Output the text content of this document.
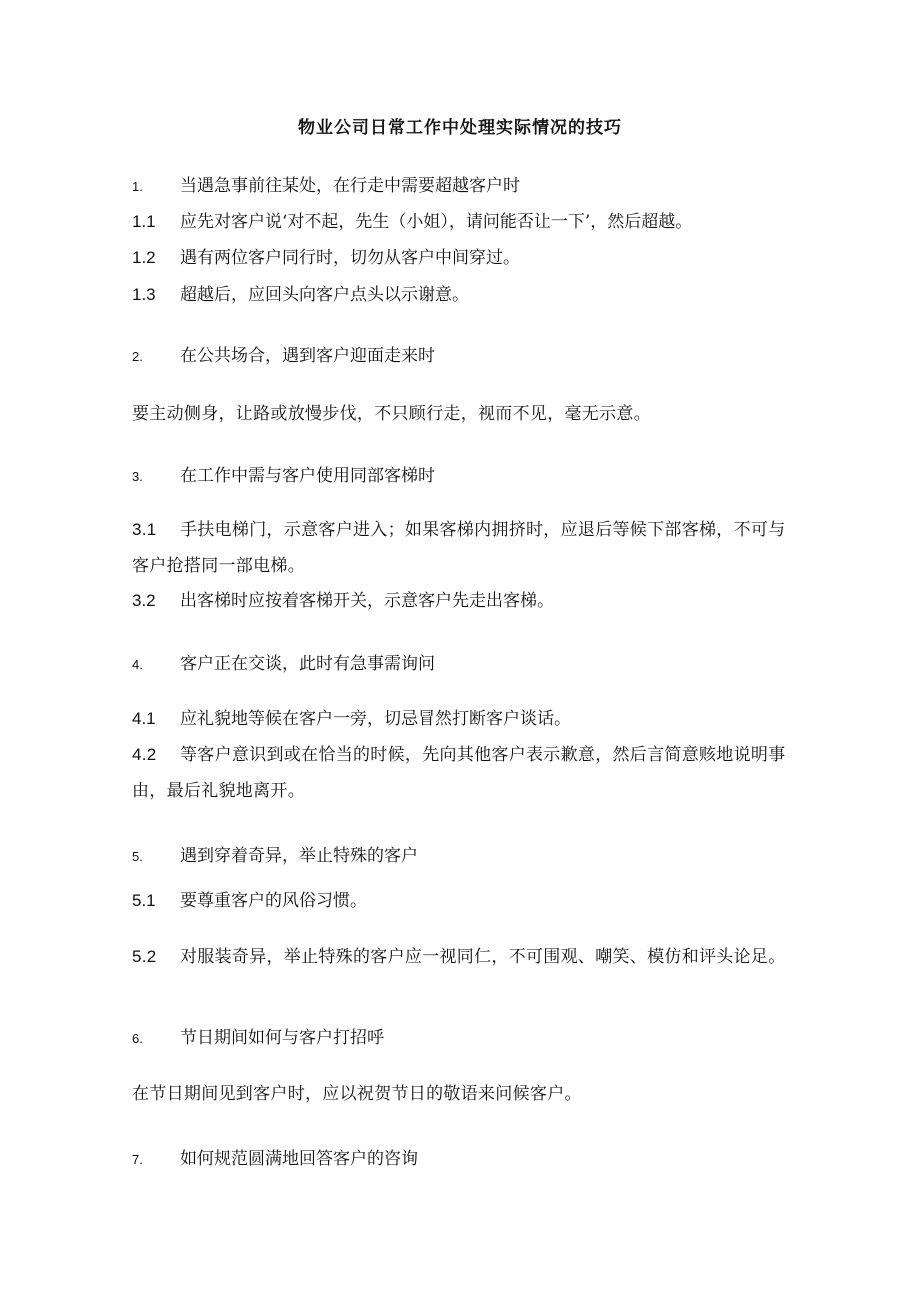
物业公司日常工作中处理实际情况的技巧
1. 当遇急事前往某处，在行走中需要超越客户时
1.1 应先对客户说‘对不起，先生（小姐），请问能否让一下’，然后超越。
1.2 遇有两位客户同行时，切勿从客户中间穿过。
1.3 超越后，应回头向客户点头以示谢意。
2. 在公共场合，遇到客户迎面走来时
要主动侧身，让路或放慢步伐，不只顾行走，视而不见，毫无示意。
3. 在工作中需与客户使用同部客梯时
3.1 手扶电梯门，示意客户进入；如果客梯内拥挤时，应退后等候下部客梯，不可与客户抢搭同一部电梯。
3.2 出客梯时应按着客梯开关，示意客户先走出客梯。
4. 客户正在交谈，此时有急事需询问
4.1 应礼貌地等候在客户一旁，切忌冒然打断客户谈话。
4.2 等客户意识到或在恰当的时候，先向其他客户表示歉意，然后言简意赅地说明事由，最后礼貌地离开。
5. 遇到穿着奇异，举止特殊的客户
5.1 要尊重客户的风俗习惯。
5.2 对服装奇异，举止特殊的客户应一视同仁，不可围观、嘲笑、模仿和评头论足。
6. 节日期间如何与客户打招呼
在节日期间见到客户时，应以祝贺节日的敬语来问候客户。
7. 如何规范圆满地回答客户的咨询
